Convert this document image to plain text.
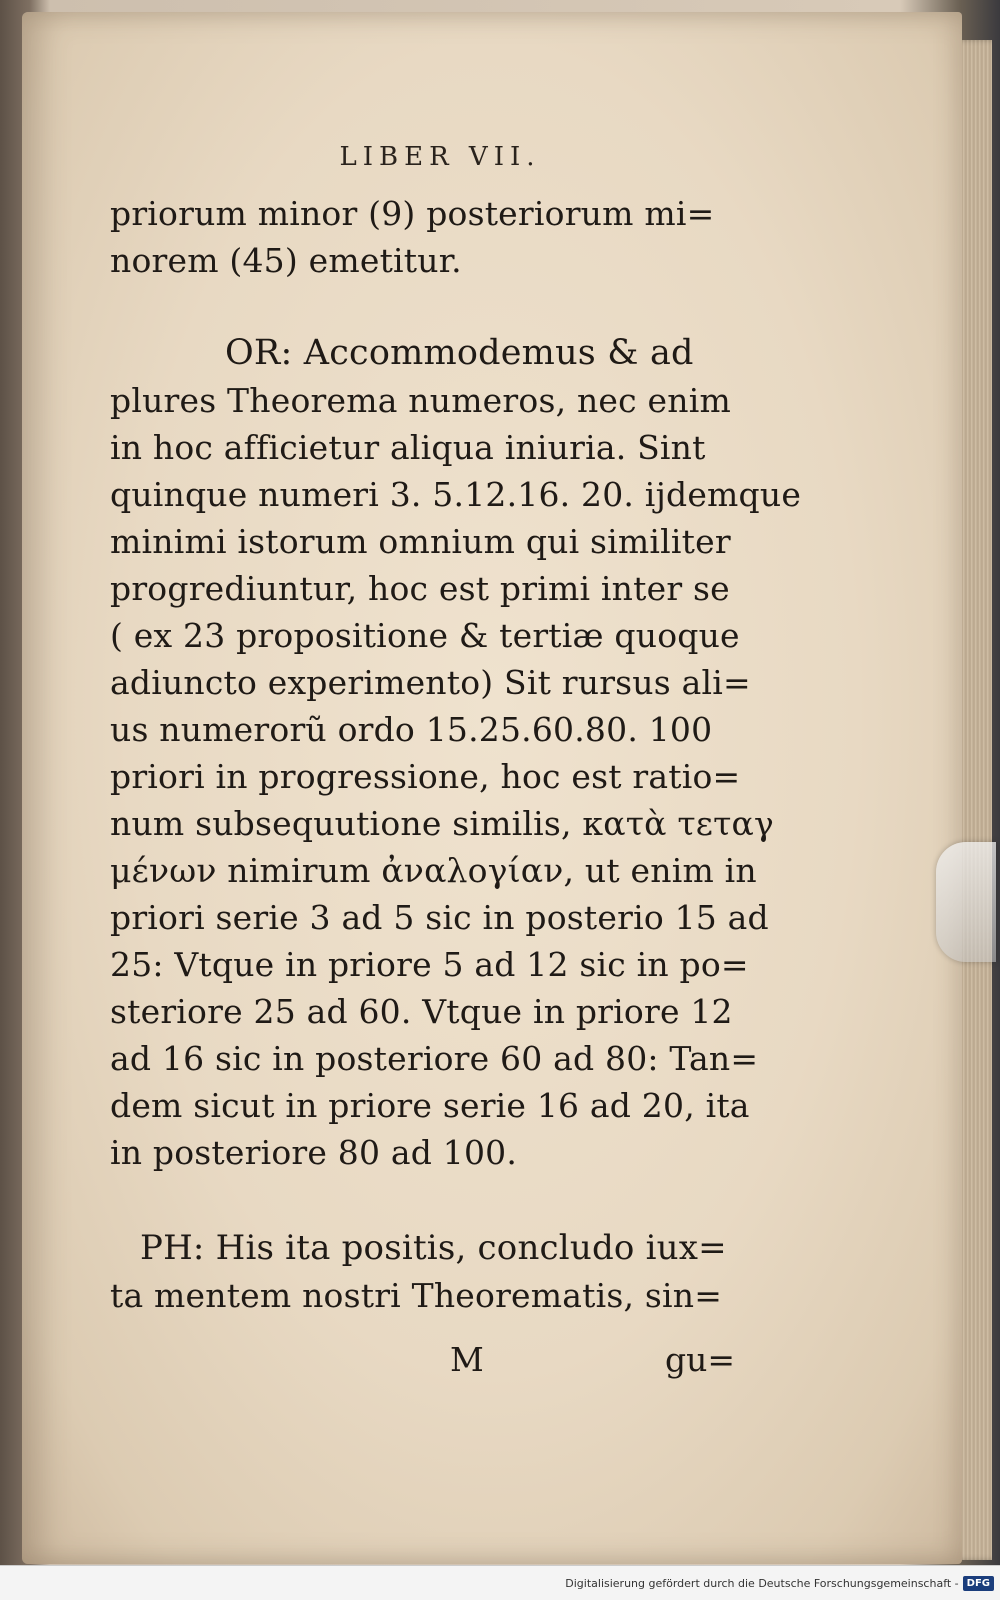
LIBER VII.
priorum minor (9) posteriorum mi=
norem (45) emetitur.
OR: Accommodemus & ad
plures Theorema numeros, nec enim
in hoc afficietur aliqua iniuria. Sint
quinque numeri 3. 5.12.16. 20. ijdemque
minimi istorum omnium qui similiter
progrediuntur, hoc est primi inter se
( ex 23 propositione & tertiæ quoque
adiuncto experimento) Sit rursus ali=
us numerorũ ordo 15.25.60.80. 100
priori in progressione, hoc est ratio=
num subsequutione similis, κατὰ τεταγ
μένων nimirum ἀναλογίαν, ut enim in
priori serie 3 ad 5 sic in posterio 15 ad
25: Vtque in priore 5 ad 12 sic in po=
steriore 25 ad 60. Vtque in priore 12
ad 16 sic in posteriore 60 ad 80: Tan=
dem sicut in priore serie 16 ad 20, ita
in posteriore 80 ad 100.
PH: His ita positis, concludo iux=
ta mentem nostri Theorematis, sin=
M	gu=
Digitalisierung gefördert durch die Deutsche Forschungsgemeinschaft - DFG
